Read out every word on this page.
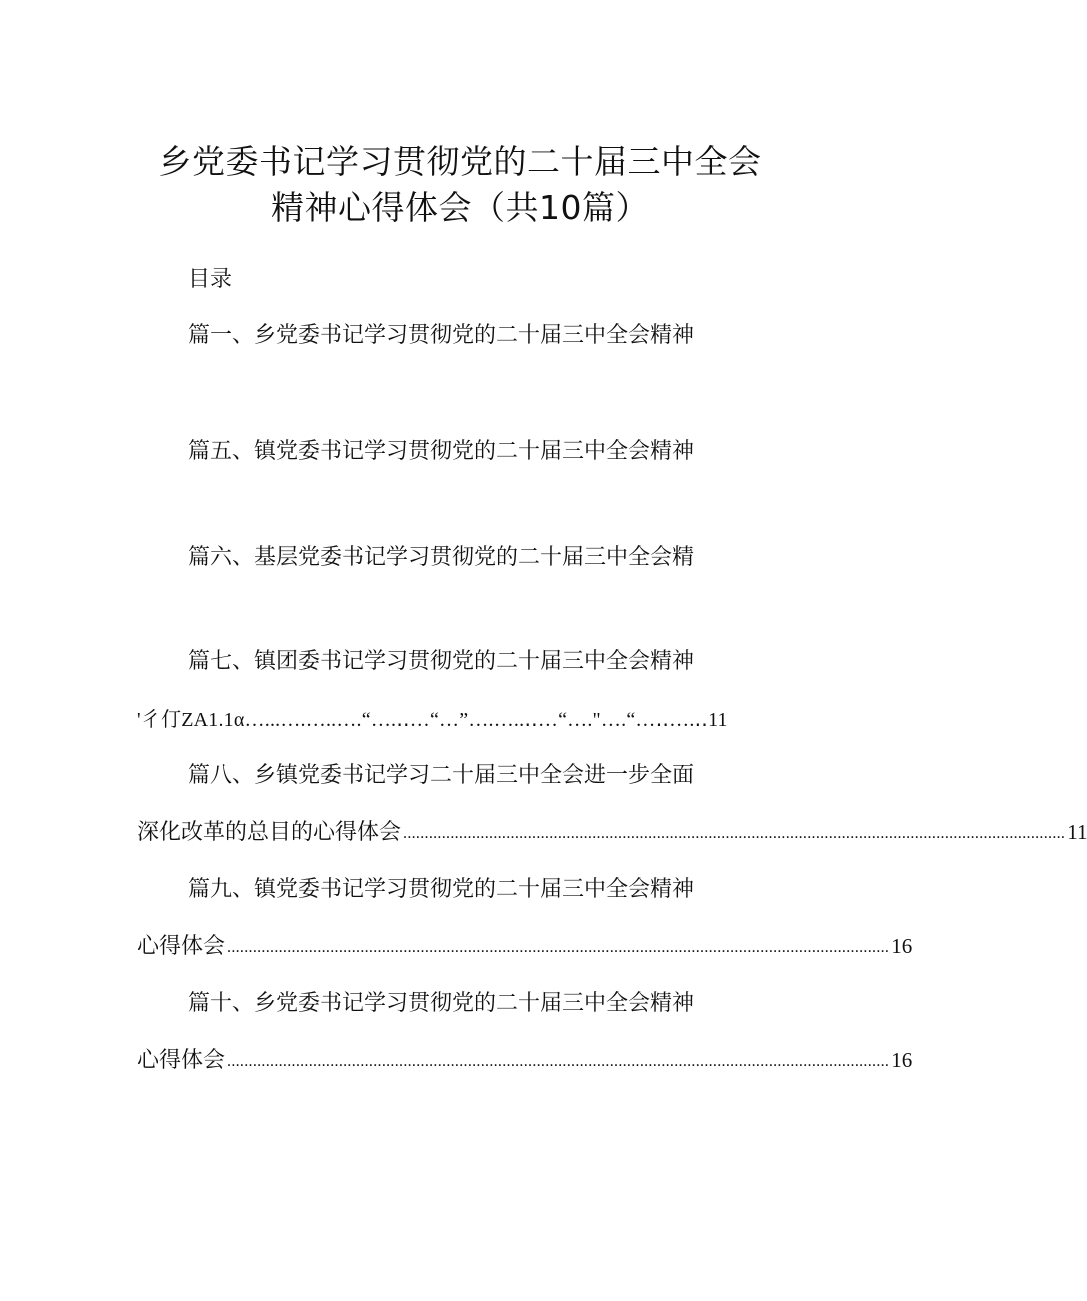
乡党委书记学习贯彻党的二十届三中全会
精神心得体会（共10篇）
目录
篇一、乡党委书记学习贯彻党的二十届三中全会精神
篇五、镇党委书记学习贯彻党的二十届三中全会精神
篇六、基层党委书记学习贯彻党的二十届三中全会精
篇七、镇团委书记学习贯彻党的二十届三中全会精神
'彳仃ZA1.1α…...….…..….“….‥…“…”….…..‥…“…."….“…‥….‥11
篇八、乡镇党委书记学习二十届三中全会进一步全面
深化改革的总目的心得体会 .......................................................................................................................................................... 11
篇九、镇党委书记学习贯彻党的二十届三中全会精神
心得体会 .......................................................................................................................................................... 16
篇十、乡党委书记学习贯彻党的二十届三中全会精神
心得体会 .......................................................................................................................................................... 16
